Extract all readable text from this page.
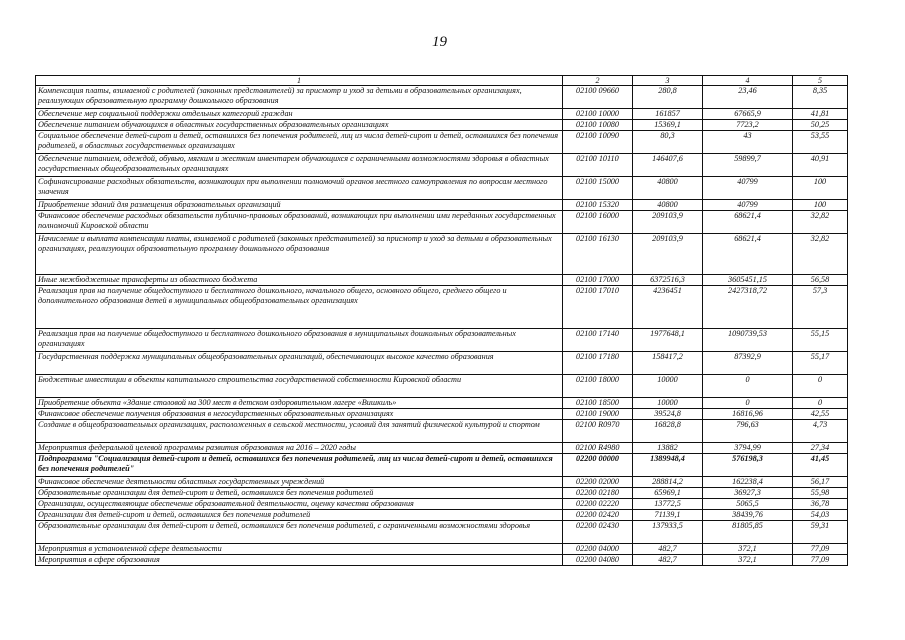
19
1	2	3	4	5
Компенсация платы, взимаемой с родителей (законных представителей) за присмотр и уход за детьми в образовательных организациях, реализующих образовательную программу дошкольного образования	02100 09660	280,8	23,46	8,35
Обеспечение мер социальной поддержки отдельных категорий граждан	02100 10000	161857	67665,9	41,81
Обеспечение питанием обучающихся в областных государственных образовательных организациях	02100 10080	15369,1	7723,2	50,25
Социальное обеспечение детей-сирот и детей, оставшихся без попечения родителей, лиц из числа детей-сирот и детей, оставшихся без попечения родителей, в областных государственных организациях	02100 10090	80,3	43	53,55
Обеспечение питанием, одеждой, обувью, мягким и жестким инвентарем обучающихся с ограниченными возможностями здоровья в областных государственных общеобразовательных организациях	02100 10110	146407,6	59899,7	40,91
Софинансирование расходных обязательств, возникающих при выполнении полномочий органов местного самоуправления по вопросам местного значения	02100 15000	40800	40799	100
Приобретение зданий для размещения образовательных организаций	02100 15320	40800	40799	100
Финансовое обеспечение расходных обязательств публично-правовых образований, возникающих при выполнении ими переданных государственных полномочий Кировской области	02100 16000	209103,9	68621,4	32,82
Начисление и выплата компенсации платы, взимаемой с родителей (законных представителей) за присмотр и уход за детьми в образовательных организациях, реализующих образовательную программу дошкольного образования	02100 16130	209103,9	68621,4	32,82
Иные межбюджетные трансферты из областного бюджета	02100 17000	6372516,3	3605451,15	56,58
Реализация прав на получение общедоступного и бесплатного дошкольного, начального общего, основного общего, среднего общего и дополнительного образования детей в муниципальных общеобразовательных организациях	02100 17010	4236451	2427318,72	57,3
Реализация прав на получение общедоступного и бесплатного дошкольного образования в муниципальных дошкольных образовательных организациях	02100 17140	1977648,1	1090739,53	55,15
Государственная поддержка муниципальных общеобразовательных организаций, обеспечивающих высокое качество образования	02100 17180	158417,2	87392,9	55,17
Бюджетные инвестиции в объекты капитального строительства государственной собственности Кировской области	02100 18000	10000	0	0
Приобретение объекта «Здание столовой на 300 мест в детском оздоровительном лагере «Вишкиль»	02100 18500	10000	0	0
Финансовое обеспечение получения образования в негосударственных образовательных организациях	02100 19000	39524,8	16816,96	42,55
Создание в общеобразовательных организациях, расположенных в сельской местности, условий для занятий физической культурой и спортом	02100 R0970	16828,8	796,63	4,73
Мероприятия федеральной целевой программы развития образования на 2016 – 2020 годы	02100 R4980	13882	3794,99	27,34
Подпрограмма "Социализация детей-сирот и детей, оставшихся без попечения родителей, лиц из числа детей-сирот и детей, оставшихся без попечения родителей"	02200 00000	1389948,4	576198,3	41,45
Финансовое обеспечение деятельности областных государственных учреждений	02200 02000	288814,2	162238,4	56,17
Образовательные организации для детей-сирот и детей, оставшихся без попечения родителей	02200 02180	65969,1	36927,3	55,98
Организации, осуществляющие обеспечение образовательной деятельности, оценку качества образования	02200 02220	13772,5	5065,5	36,78
Организации для детей-сирот и детей, оставшихся без попечения родителей	02200 02420	71139,1	38439,76	54,03
Образовательные организации для детей-сирот и детей, оставшихся без попечения родителей, с ограниченными возможностями здоровья	02200 02430	137933,5	81805,85	59,31
Мероприятия в установленной сфере деятельности	02200 04000	482,7	372,1	77,09
Мероприятия в сфере образования	02200 04080	482,7	372,1	77,09
